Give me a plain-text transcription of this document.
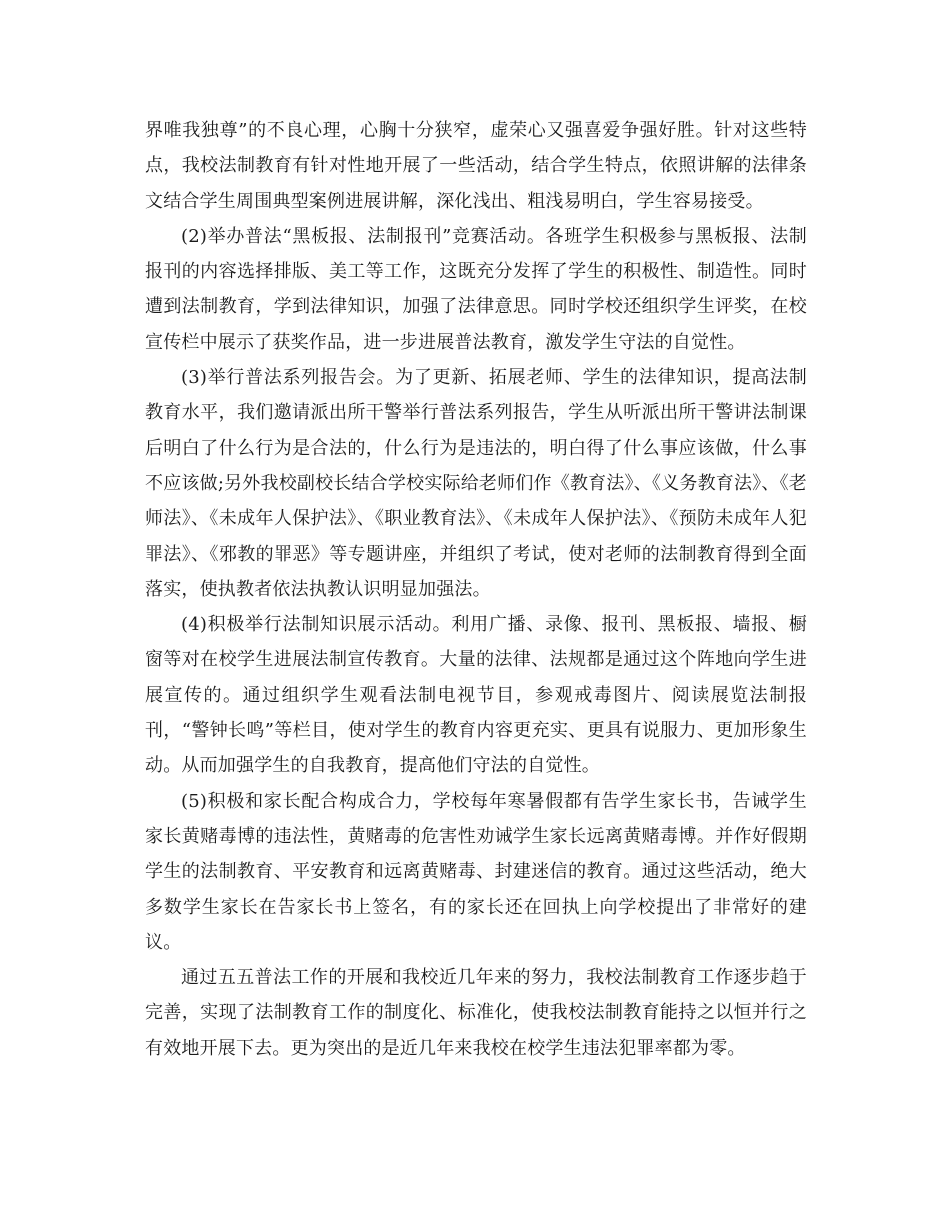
界唯我独尊”的不良心理，心胸十分狭窄，虚荣心又强喜爱争强好胜。针对这些特点，我校法制教育有针对性地开展了一些活动，结合学生特点，依照讲解的法律条文结合学生周围典型案例进展讲解，深化浅出、粗浅易明白，学生容易接受。

(2)举办普法“黑板报、法制报刊”竞赛活动。各班学生积极参与黑板报、法制报刊的内容选择排版、美工等工作，这既充分发挥了学生的积极性、制造性。同时遭到法制教育，学到法律知识，加强了法律意思。同时学校还组织学生评奖，在校宣传栏中展示了获奖作品，进一步进展普法教育，激发学生守法的自觉性。

(3)举行普法系列报告会。为了更新、拓展老师、学生的法律知识，提高法制教育水平，我们邀请派出所干警举行普法系列报告，学生从听派出所干警讲法制课后明白了什么行为是合法的，什么行为是违法的，明白得了什么事应该做，什么事不应该做;另外我校副校长结合学校实际给老师们作《教育法》、《义务教育法》、《老师法》、《未成年人保护法》、《职业教育法》、《未成年人保护法》、《预防未成年人犯罪法》、《邪教的罪恶》等专题讲座，并组织了考试，使对老师的法制教育得到全面落实，使执教者依法执教认识明显加强法。

(4)积极举行法制知识展示活动。利用广播、录像、报刊、黑板报、墙报、橱窗等对在校学生进展法制宣传教育。大量的法律、法规都是通过这个阵地向学生进展宣传的。通过组织学生观看法制电视节目，参观戒毒图片、阅读展览法制报刊，“警钟长鸣”等栏目，使对学生的教育内容更充实、更具有说服力、更加形象生动。从而加强学生的自我教育，提高他们守法的自觉性。

(5)积极和家长配合构成合力，学校每年寒暑假都有告学生家长书，告诫学生家长黄赌毒博的违法性，黄赌毒的危害性劝诫学生家长远离黄赌毒博。并作好假期学生的法制教育、平安教育和远离黄赌毒、封建迷信的教育。通过这些活动，绝大多数学生家长在告家长书上签名，有的家长还在回执上向学校提出了非常好的建议。

通过五五普法工作的开展和我校近几年来的努力，我校法制教育工作逐步趋于完善，实现了法制教育工作的制度化、标准化，使我校法制教育能持之以恒并行之有效地开展下去。更为突出的是近几年来我校在校学生违法犯罪率都为零。
